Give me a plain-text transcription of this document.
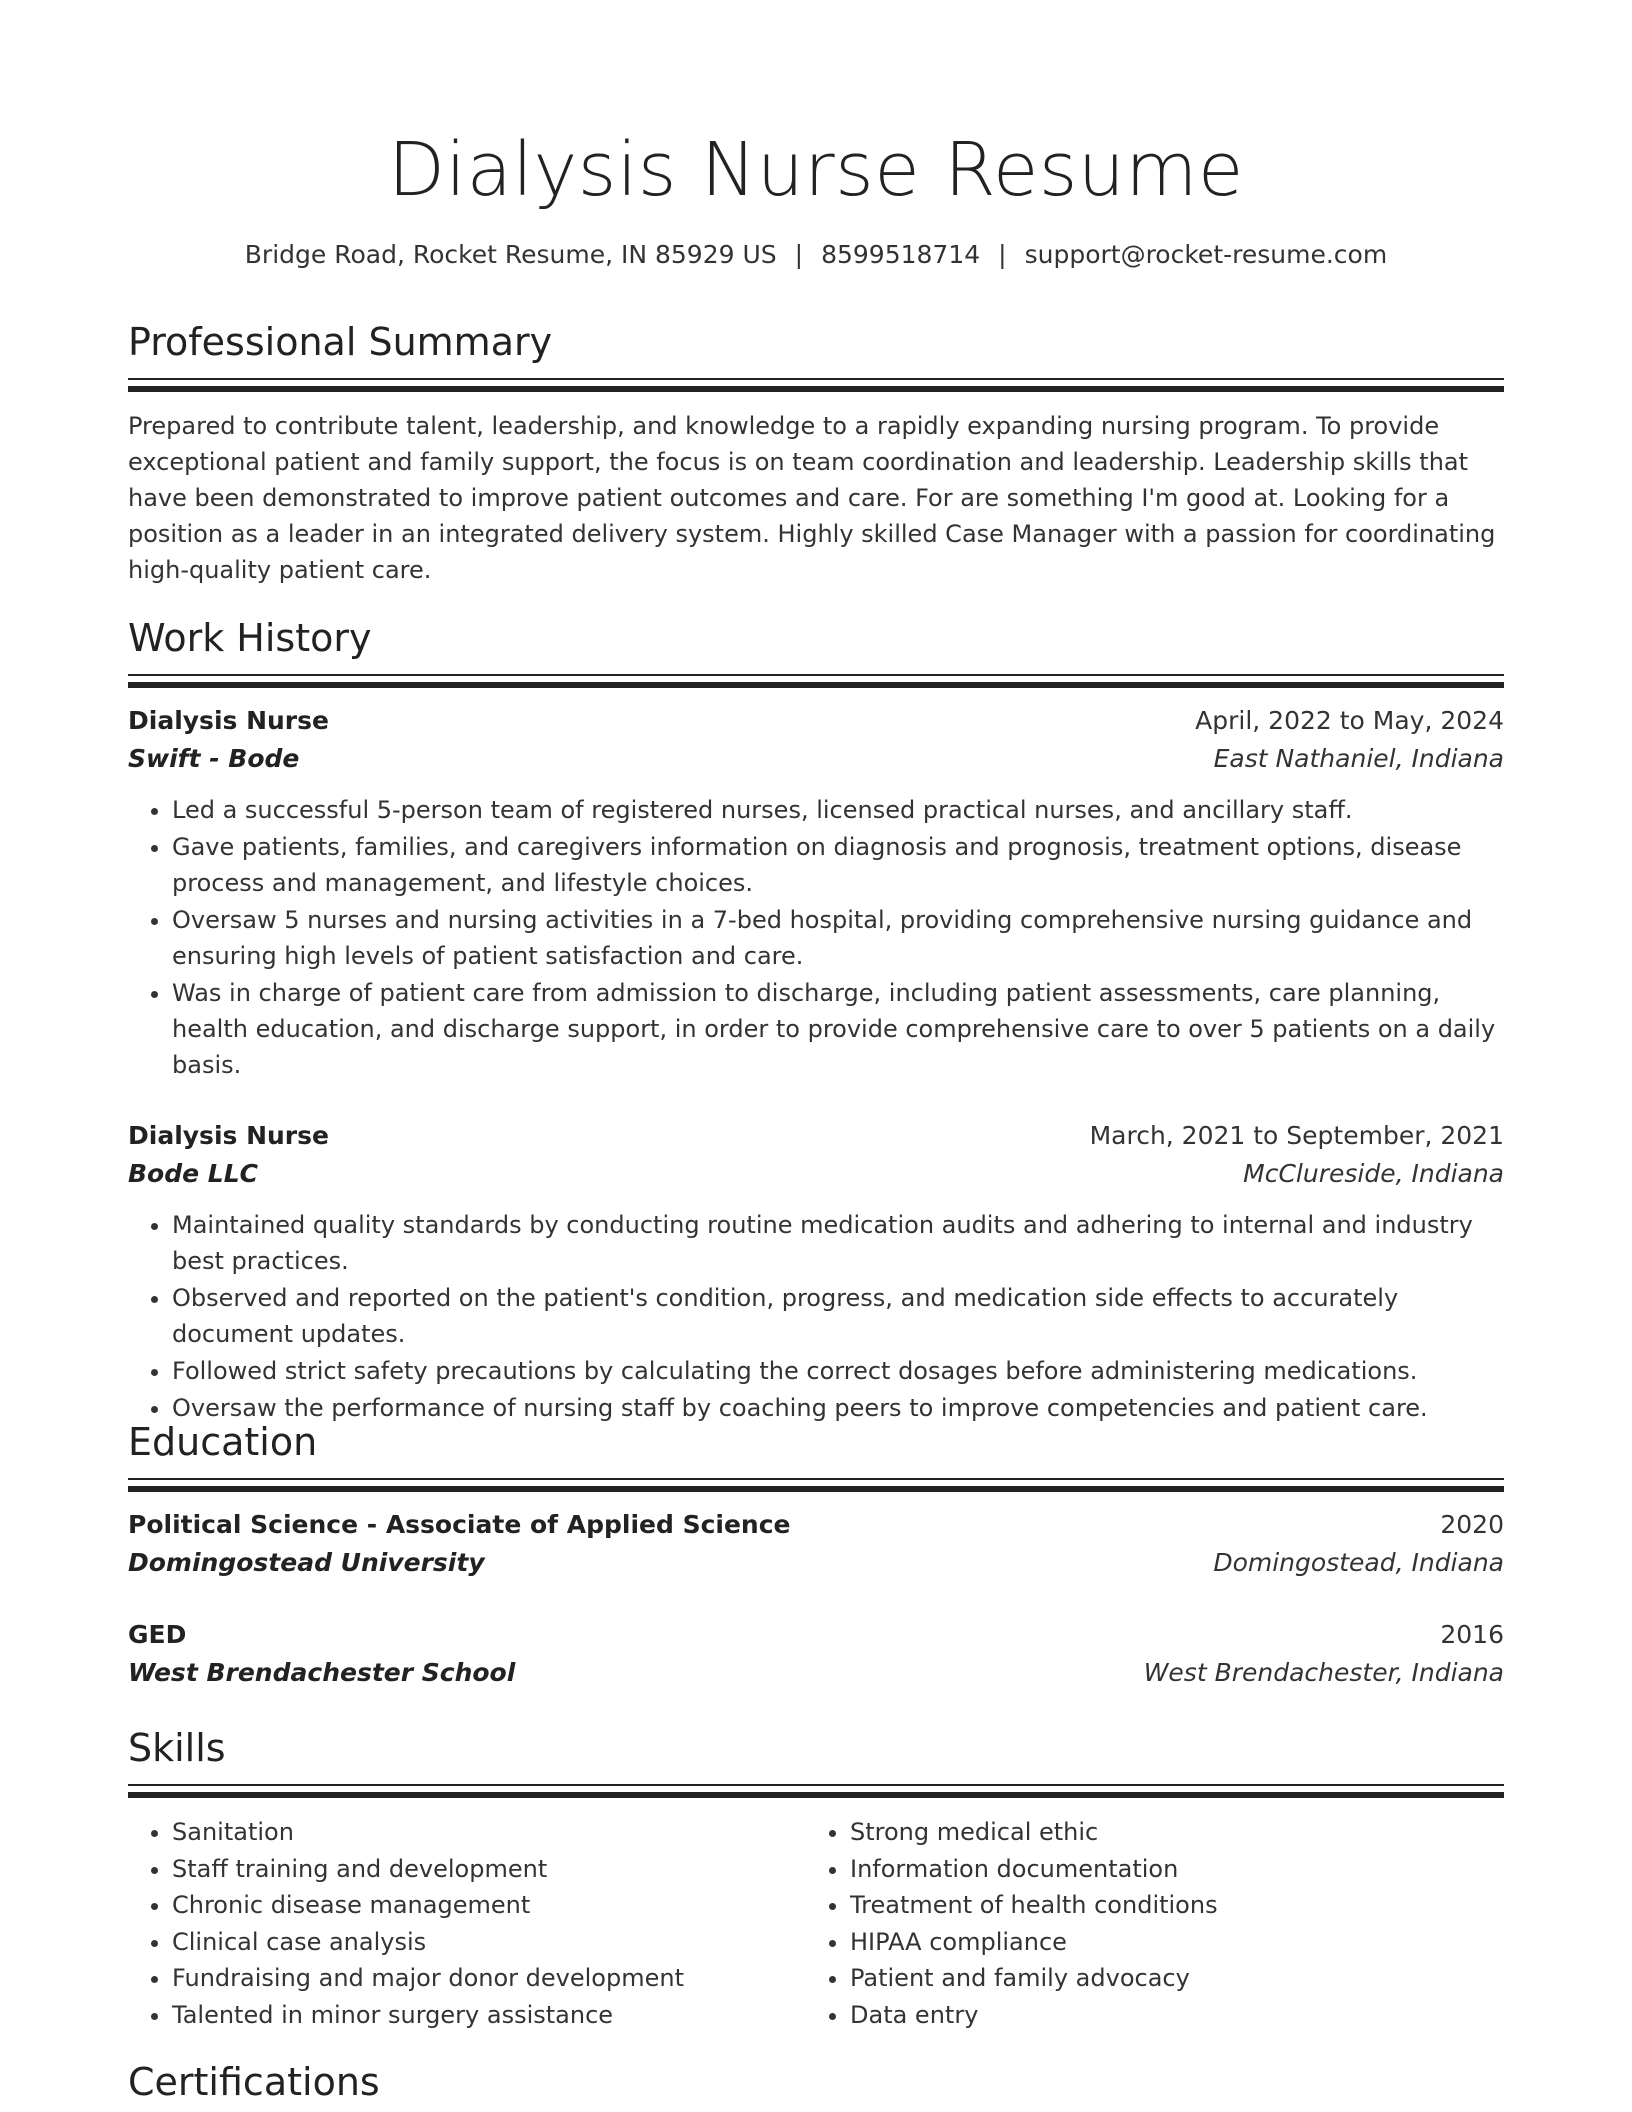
Dialysis Nurse Resume
Bridge Road, Rocket Resume, IN 85929 US | 8599518714 | support@rocket-resume.com
Professional Summary
Prepared to contribute talent, leadership, and knowledge to a rapidly expanding nursing program. To provide exceptional patient and family support, the focus is on team coordination and leadership. Leadership skills that have been demonstrated to improve patient outcomes and care. For are something I'm good at. Looking for a position as a leader in an integrated delivery system. Highly skilled Case Manager with a passion for coordinating high-quality patient care.
Work History
Dialysis Nurse	April, 2022 to May, 2024
Swift - Bode	East Nathaniel, Indiana
• Led a successful 5-person team of registered nurses, licensed practical nurses, and ancillary staff.
• Gave patients, families, and caregivers information on diagnosis and prognosis, treatment options, disease process and management, and lifestyle choices.
• Oversaw 5 nurses and nursing activities in a 7-bed hospital, providing comprehensive nursing guidance and ensuring high levels of patient satisfaction and care.
• Was in charge of patient care from admission to discharge, including patient assessments, care planning, health education, and discharge support, in order to provide comprehensive care to over 5 patients on a daily basis.
Dialysis Nurse	March, 2021 to September, 2021
Bode LLC	McClureside, Indiana
• Maintained quality standards by conducting routine medication audits and adhering to internal and industry best practices.
• Observed and reported on the patient's condition, progress, and medication side effects to accurately document updates.
• Followed strict safety precautions by calculating the correct dosages before administering medications.
• Oversaw the performance of nursing staff by coaching peers to improve competencies and patient care.
Education
Political Science - Associate of Applied Science	2020
Domingostead University	Domingostead, Indiana
GED	2016
West Brendachester School	West Brendachester, Indiana
Skills
• Sanitation
• Staff training and development
• Chronic disease management
• Clinical case analysis
• Fundraising and major donor development
• Talented in minor surgery assistance
• Strong medical ethic
• Information documentation
• Treatment of health conditions
• HIPAA compliance
• Patient and family advocacy
• Data entry
Certifications
